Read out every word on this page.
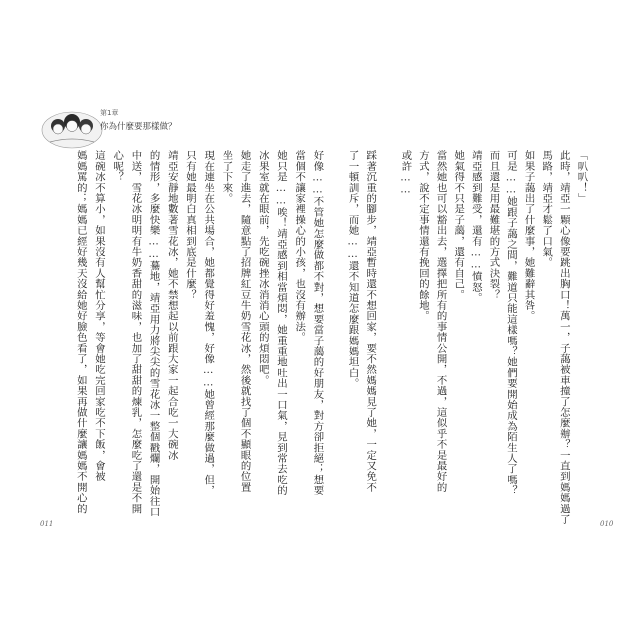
第1章
你為什麼要那樣做？
「叭叭！」
此時，靖亞一顆心像要跳出胸口！萬一，子藹被車撞了怎麼辦？一直到媽媽過了
馬路，靖亞才鬆了口氣。
如果子藹出了什麼事，她難辭其咎。
可是……她跟子藹之間，難道只能這樣嗎？她們要開始成為陌生人了嗎？
而且還是用最難堪的方式決裂？
靖亞感到難受，還有……憤怒。
她氣得不只是子藹，還有自己。
當然她也可以豁出去，選擇把所有的事情公開，不過，這似乎不是最好的
方式，說不定事情還有挽回的餘地。
或許……
踩著沉重的腳步，靖亞暫時還不想回家，要不然媽媽見了她，一定又免不
了一頓訓斥，而她……還不知道怎麼跟媽媽坦白。
好像……不管她怎麼做都不對，想要當子藹的好朋友，對方卻拒絕；想要
當個不讓家裡操心的小孩，也沒有辦法。
她只是……唉！靖亞感到相當煩悶，她重重地吐出一口氣，見到常去吃的
冰果室就在眼前，先吃碗挫冰消消心頭的煩悶吧。
她走了進去，隨意點了招牌紅豆牛奶雪花冰，然後就找了個不顯眼的位置
坐了下來。
現在連坐在公共場合，她都覺得好羞愧，好像……她曾經那麼做過，但，
只有她最明白真相到底是什麼？
靖亞安靜地數著雪花冰，她不禁想起以前跟大家一起合吃一大碗冰
的情形，多麼快樂……驀地，靖亞用力將尖尖的雪花冰一整個戳爛，開始往口
中送，雪花冰明明有牛奶香甜的滋味，也加了甜甜的煉乳，怎麼吃了還是不開
心呢？
這碗冰不算小，如果沒有人幫忙分享，等會她吃完回家吃不下飯，會被
媽媽罵的；媽媽已經好幾天沒給她好臉色看了，如果再做什麼讓媽媽不開心的
011	010
